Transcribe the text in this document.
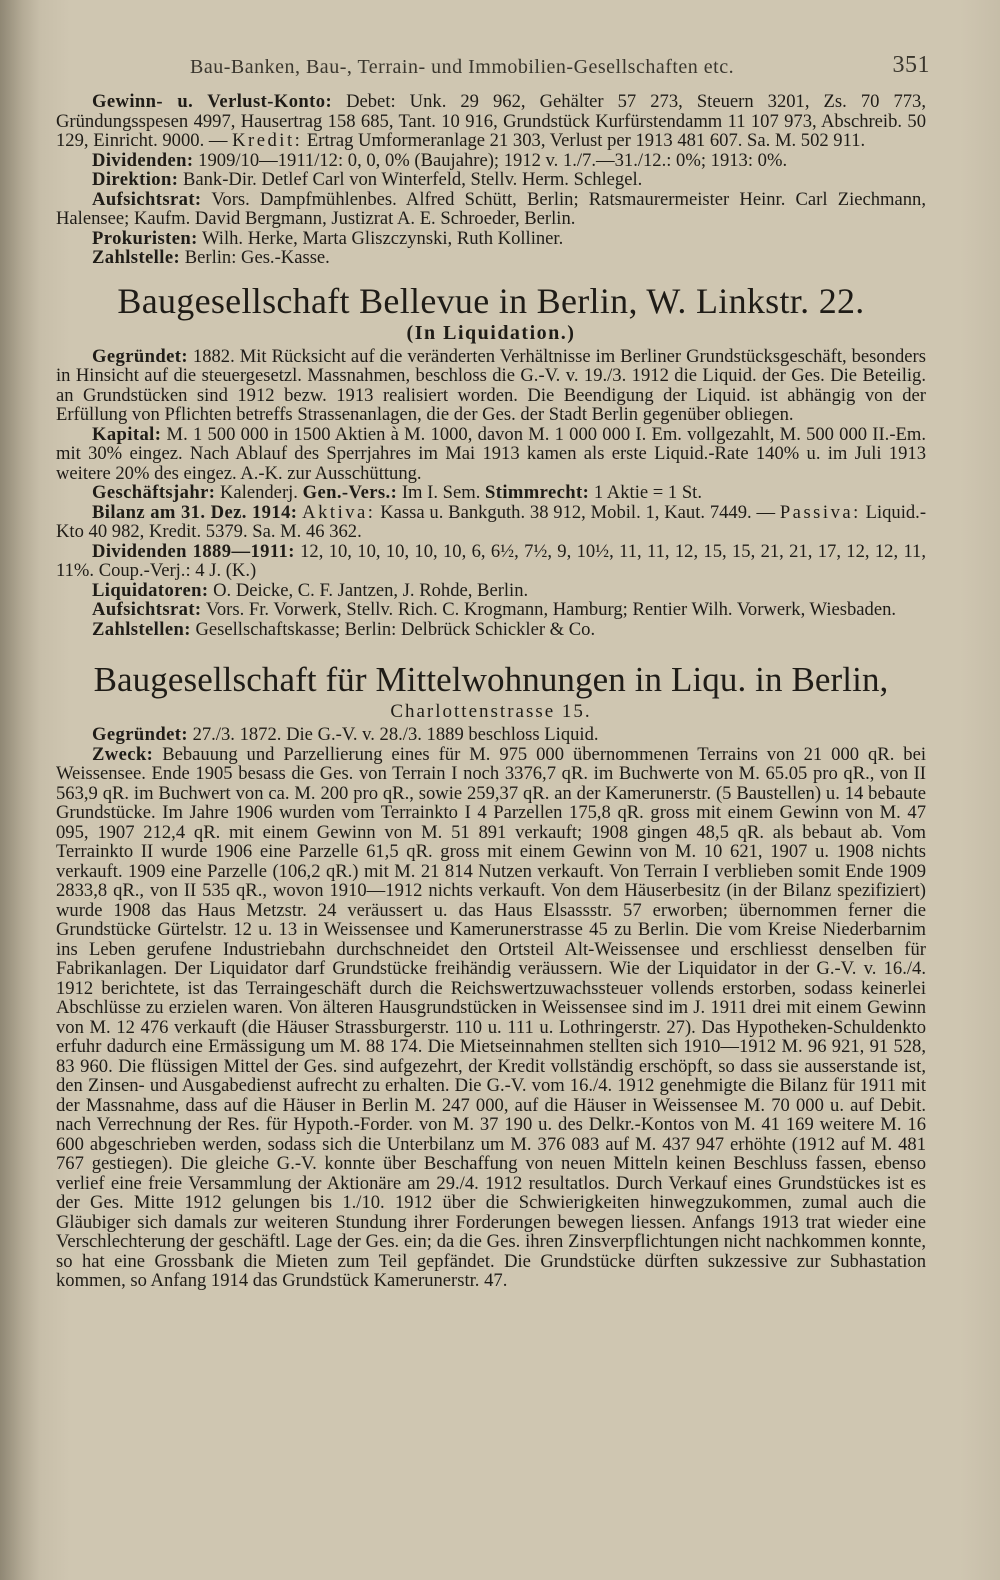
Bau-Banken, Bau-, Terrain- und Immobilien-Gesellschaften etc.	351

Gewinn- u. Verlust-Konto: Debet: Unk. 29 962, Gehälter 57 273, Steuern 3201, Zs. 70 773, Gründungsspesen 4997, Hausertrag 158 685, Tant. 10 916, Grundstück Kurfürstendamm 11 107 973, Abschreib. 50 129, Einricht. 9000. — Kredit: Ertrag Umformeranlage 21 303, Verlust per 1913 481 607. Sa. M. 502 911.

Dividenden: 1909/10—1911/12: 0, 0, 0% (Baujahre); 1912 v. 1./7.—31./12.: 0%; 1913: 0%.

Direktion: Bank-Dir. Detlef Carl von Winterfeld, Stellv. Herm. Schlegel.

Aufsichtsrat: Vors. Dampfmühlenbes. Alfred Schütt, Berlin; Ratsmaurermeister Heinr. Carl Ziechmann, Halensee; Kaufm. David Bergmann, Justizrat A. E. Schroeder, Berlin.

Prokuristen: Wilh. Herke, Marta Gliszczynski, Ruth Kolliner.

Zahlstelle: Berlin: Ges.-Kasse.

Baugesellschaft Bellevue in Berlin, W. Linkstr. 22.
(In Liquidation.)

Gegründet: 1882. Mit Rücksicht auf die veränderten Verhältnisse im Berliner Grundstücksgeschäft, besonders in Hinsicht auf die steuergesetzl. Massnahmen, beschloss die G.-V. v. 19./3. 1912 die Liquid. der Ges. Die Beteilig. an Grundstücken sind 1912 bezw. 1913 realisiert worden. Die Beendigung der Liquid. ist abhängig von der Erfüllung von Pflichten betreffs Strassenanlagen, die der Ges. der Stadt Berlin gegenüber obliegen.

Kapital: M. 1 500 000 in 1500 Aktien à M. 1000, davon M. 1 000 000 I. Em. vollgezahlt, M. 500 000 II.-Em. mit 30% eingez. Nach Ablauf des Sperrjahres im Mai 1913 kamen als erste Liquid.-Rate 140% u. im Juli 1913 weitere 20% des eingez. A.-K. zur Ausschüttung.

Geschäftsjahr: Kalenderj. Gen.-Vers.: Im I. Sem. Stimmrecht: 1 Aktie = 1 St.

Bilanz am 31. Dez. 1914: Aktiva: Kassa u. Bankguth. 38 912, Mobil. 1, Kaut. 7449. — Passiva: Liquid.-Kto 40 982, Kredit. 5379. Sa. M. 46 362.

Dividenden 1889—1911: 12, 10, 10, 10, 10, 10, 6, 6½, 7½, 9, 10½, 11, 11, 12, 15, 15, 21, 21, 17, 12, 12, 11, 11%. Coup.-Verj.: 4 J. (K.)

Liquidatoren: O. Deicke, C. F. Jantzen, J. Rohde, Berlin.

Aufsichtsrat: Vors. Fr. Vorwerk, Stellv. Rich. C. Krogmann, Hamburg; Rentier Wilh. Vorwerk, Wiesbaden.

Zahlstellen: Gesellschaftskasse; Berlin: Delbrück Schickler & Co.

Baugesellschaft für Mittelwohnungen in Liqu. in Berlin,
Charlottenstrasse 15.

Gegründet: 27./3. 1872. Die G.-V. v. 28./3. 1889 beschloss Liquid.

Zweck: Bebauung und Parzellierung eines für M. 975 000 übernommenen Terrains von 21 000 qR. bei Weissensee. Ende 1905 besass die Ges. von Terrain I noch 3376,7 qR. im Buchwerte von M. 65.05 pro qR., von II 563,9 qR. im Buchwert von ca. M. 200 pro qR., sowie 259,37 qR. an der Kamerunerstr. (5 Baustellen) u. 14 bebaute Grundstücke. Im Jahre 1906 wurden vom Terrainkto I 4 Parzellen 175,8 qR. gross mit einem Gewinn von M. 47 095, 1907 212,4 qR. mit einem Gewinn von M. 51 891 verkauft; 1908 gingen 48,5 qR. als bebaut ab. Vom Terrainkto II wurde 1906 eine Parzelle 61,5 qR. gross mit einem Gewinn von M. 10 621, 1907 u. 1908 nichts verkauft. 1909 eine Parzelle (106,2 qR.) mit M. 21 814 Nutzen verkauft. Von Terrain I verblieben somit Ende 1909 2833,8 qR., von II 535 qR., wovon 1910—1912 nichts verkauft. Von dem Häuserbesitz (in der Bilanz spezifiziert) wurde 1908 das Haus Metzstr. 24 veräussert u. das Haus Elsassstr. 57 erworben; übernommen ferner die Grundstücke Gürtelstr. 12 u. 13 in Weissensee und Kamerunerstrasse 45 zu Berlin. Die vom Kreise Niederbarnim ins Leben gerufene Industriebahn durchschneidet den Ortsteil Alt-Weissensee und erschliesst denselben für Fabrikanlagen. Der Liquidator darf Grundstücke freihändig veräussern. Wie der Liquidator in der G.-V. v. 16./4. 1912 berichtete, ist das Terraingeschäft durch die Reichswertzuwachssteuer vollends erstorben, sodass keinerlei Abschlüsse zu erzielen waren. Von älteren Hausgrundstücken in Weissensee sind im J. 1911 drei mit einem Gewinn von M. 12 476 verkauft (die Häuser Strassburgerstr. 110 u. 111 u. Lothringerstr. 27). Das Hypotheken-Schuldenkto erfuhr dadurch eine Ermässigung um M. 88 174. Die Mietseinnahmen stellten sich 1910—1912 M. 96 921, 91 528, 83 960. Die flüssigen Mittel der Ges. sind aufgezehrt, der Kredit vollständig erschöpft, so dass sie ausserstande ist, den Zinsen- und Ausgabedienst aufrecht zu erhalten. Die G.-V. vom 16./4. 1912 genehmigte die Bilanz für 1911 mit der Massnahme, dass auf die Häuser in Berlin M. 247 000, auf die Häuser in Weissensee M. 70 000 u. auf Debit. nach Verrechnung der Res. für Hypoth.-Forder. von M. 37 190 u. des Delkr.-Kontos von M. 41 169 weitere M. 16 600 abgeschrieben werden, sodass sich die Unterbilanz um M. 376 083 auf M. 437 947 erhöhte (1912 auf M. 481 767 gestiegen). Die gleiche G.-V. konnte über Beschaffung von neuen Mitteln keinen Beschluss fassen, ebenso verlief eine freie Versammlung der Aktionäre am 29./4. 1912 resultatlos. Durch Verkauf eines Grundstückes ist es der Ges. Mitte 1912 gelungen bis 1./10. 1912 über die Schwierigkeiten hinwegzukommen, zumal auch die Gläubiger sich damals zur weiteren Stundung ihrer Forderungen bewegen liessen. Anfangs 1913 trat wieder eine Verschlechterung der geschäftl. Lage der Ges. ein; da die Ges. ihren Zinsverpflichtungen nicht nachkommen konnte, so hat eine Grossbank die Mieten zum Teil gepfändet. Die Grundstücke dürften sukzessive zur Subhastation kommen, so Anfang 1914 das Grundstück Kamerunerstr. 47.
